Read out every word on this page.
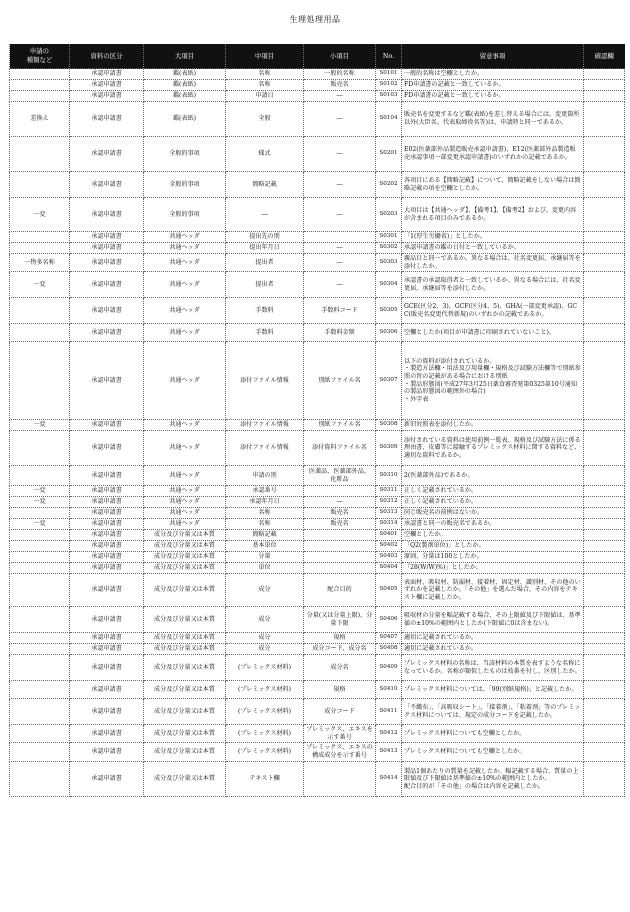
生理処理用品
申請の
種類など	資料の区分	大項目	中項目	小項目	No.	留意事項	確認欄
	承認申請書	鑑(表紙)	名称	一般的名称	S0101	一般的名称は空欄としたか。	
	承認申請書	鑑(表紙)	名称	販売名	S0102	FD申請書の記載と一致しているか。	
	承認申請書	鑑(表紙)	申請日	―	S0103	FD申請書の記載と一致しているか。	
差換え	承認申請書	鑑(表紙)	全般	―	S0104	販売名を変更するなど鑑(表紙)を差し替える場合には、変更箇所以外(大臣名、代表取締役名等)は、申請時と同一であるか。	
	承認申請書	全般的事項	様式	―	S0201	E02(医薬部外品製造販売承認申請書)、E12(医薬部外品製造販売承認事項一部変更承認申請書)のいずれかの記載であるか。	
	承認申請書	全般的事項	簡略記載	―	S0202	各項目にある【簡略記載】について、簡略記載をしない場合は簡略記載の項を空欄としたか。	
一変	承認申請書	全般的事項	―	―	S0203	大項目は【共通ヘッダ】、【備考1】、【備考2】および、変更内容が含まれる項目のみであるか。	
	承認申請書	共通ヘッダ	提出先の別		S0301	「1(厚生労働省)」としたか。	
	承認申請書	共通ヘッダ	提出年月日	―	S0302	承認申請書の鑑の日付と一致しているか。	
一物多名称	承認申請書	共通ヘッダ	提出者	―	S0303	親品目と同一であるか。異なる場合は、社名変更届、承継届等を添付したか。	
一変	承認申請書	共通ヘッダ	提出者	―	S0304	承認書の承認取得者と一致しているか。異なる場合には、社名変更届、承継届等を添付したか。	
	承認申請書	共通ヘッダ	手数料	手数料コード	S0305	GCE(区分2、3)、GCF(区分4、5)、GHA(一部変更承認)、GCC(販売名変更代替新規)のいずれかの記載であるか。	
	承認申請書	共通ヘッダ	手数料	手数料金額	S0306	空欄としたか(項目が申請書に印刷されていないこと)。	
	承認申請書	共通ヘッダ	添付ファイル情報	別紙ファイル名	S0307	以下の資料が添付されているか。
・製造方法欄・用法及び用量欄・規格及び試験方法欄等で別紙参照の旨の記載がある場合における別紙
・製品形態図(平成27年3月25日薬食審査発第0325第10号通知の製品形態図の範囲外の場合)
・外字表	
一変	承認申請書	共通ヘッダ	添付ファイル情報	別紙ファイル名	S0308	新旧対照表を添付したか。	
	承認申請書	共通ヘッダ	添付ファイル情報	添付資料ファイル名	S0309	添付されている資料は使用前例一覧表、規格及び試験方法に係る理由書、皮膚等に接触するプレミックス材料に関する資料など、適切な資料であるか。	
	承認申請書	共通ヘッダ	申請の別	医薬品、医薬部外品、化粧品	S0310	2(医薬部外品)であるか。	
一変	承認申請書	共通ヘッダ	承認番号		S0311	正しく記載されているか。	
一変	承認申請書	共通ヘッダ	承認年月日	―	S0312	正しく記載されているか。	
	承認申請書	共通ヘッダ	名称	販売名	S0313	同じ販売名の前例はないか。	
一変	承認申請書	共通ヘッダ	名称	販売名	S0314	承認書と同一の販売名であるか。	
	承認申請書	成分及び分量又は本質	簡略記載		S0401	空欄としたか。	
	承認申請書	成分及び分量又は本質	基本単位		S0402	「Q2(製剤単位)」としたか。	
	承認申請書	成分及び分量又は本質	分量		S0403	原則、分量は100としたか。	
	承認申請書	成分及び分量又は本質	単位		S0404	「28(W/W)%)」としたか。	
	承認申請書	成分及び分量又は本質	成分	配合目的	S0405	表面材、吸収材、防漏材、接着材、固定材、識別材、その他のいずれかを記載したか。「その他」を選んだ場合、その内容をテキスト欄に記載したか。	
	承認申請書	成分及び分量又は本質	成分	分量(又は分量上限)、分量下限	S0406	吸収材の分量を幅記載する場合、その上限値及び下限値は、基準値の±10%の範囲内としたか(下限値に0は含まない)。	
	承認申請書	成分及び分量又は本質	成分	規格	S0407	適切に記載されているか。	
	承認申請書	成分及び分量又は本質	成分	成分コード、成分名	S0408	適切に記載されているか。	
	承認申請書	成分及び分量又は本質	(プレミックス材料)	成分名	S0409	プレミックス材料の名称は、当該材料の本質を表すような名称になっているか。名称が類似したものは枝番を付し、区別したか。	
	承認申請書	成分及び分量又は本質	(プレミックス材料)	規格	S0410	プレミックス材料については、「99(別紙規格)」と記載したか。	
	承認申請書	成分及び分量又は本質	(プレミックス材料)	成分コード	S0411	「不織布」、「高吸収シート」、「接着剤」、「粘着剤」等のプレミックス材料については、規定の成分コードを記載したか。	
	承認申請書	成分及び分量又は本質	(プレミックス材料)	プレミックス、エキスを示す番号	S0412	プレミックス材料についても空欄としたか。	
	承認申請書	成分及び分量又は本質	(プレミックス材料)	プレミックス、エキスの構成成分を示す番号	S0413	プレミックス材料についても空欄としたか。	
	承認申請書	成分及び分量又は本質	テキスト欄		S0414	製品1個あたりの質量を記載したか。幅記載する場合、質量の上限値及び下限値は基準値の±10%の範囲内としたか。
配合目的が「その他」の場合は内容を記載したか。	
